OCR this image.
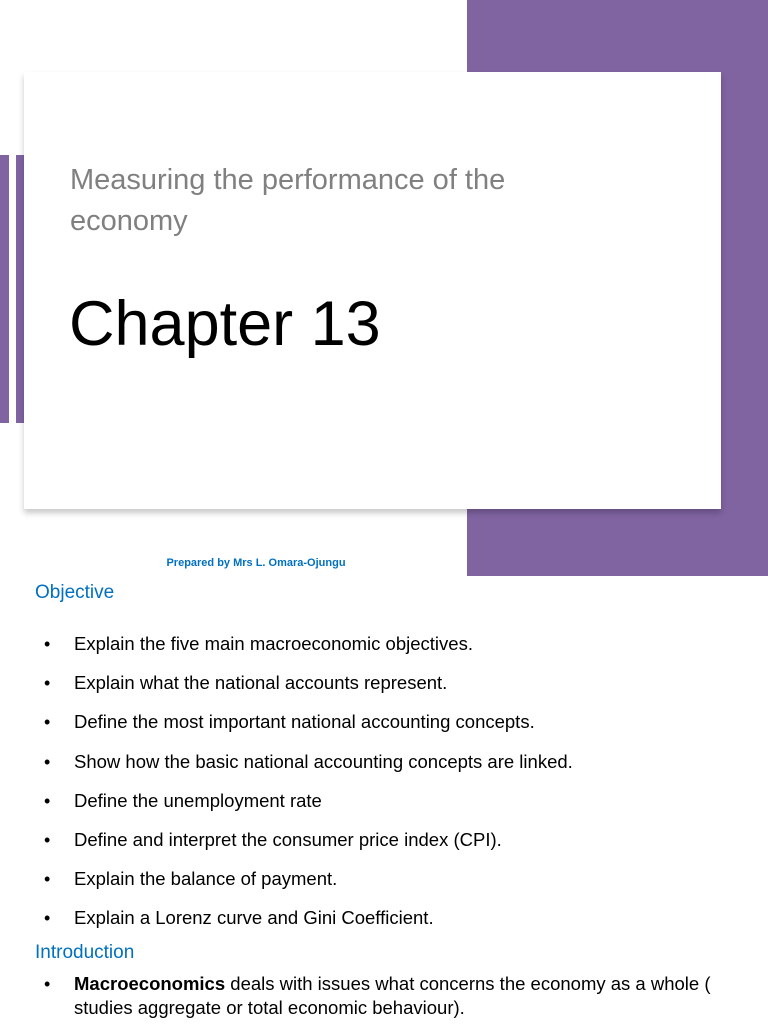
Measuring the performance of the economy
Chapter 13
Prepared by Mrs L. Omara-Ojungu
Objective
• Explain the five main macroeconomic objectives.
• Explain what the national accounts represent.
• Define the most important national accounting concepts.
• Show how the basic national accounting concepts are linked.
• Define the unemployment rate
• Define and interpret the consumer price index (CPI).
• Explain the balance of payment.
• Explain a Lorenz curve and Gini Coefficient.
Introduction
• Macroeconomics deals with issues what concerns the economy as a whole ( studies aggregate or total economic behaviour).
